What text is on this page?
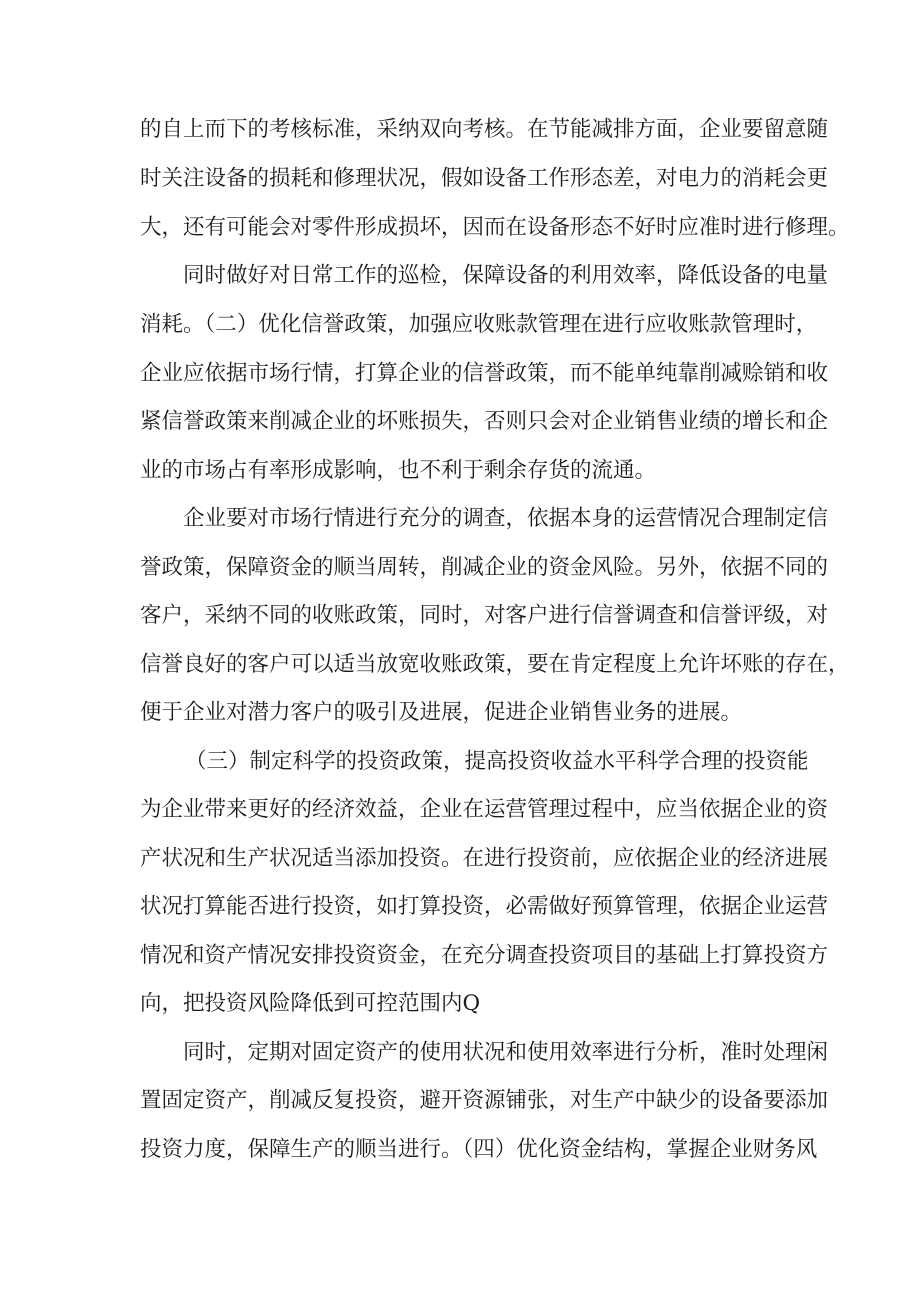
的自上而下的考核标准，采纳双向考核。在节能减排方面，企业要留意随
时关注设备的损耗和修理状况，假如设备工作形态差，对电力的消耗会更
大，还有可能会对零件形成损坏，因而在设备形态不好时应准时进行修理。
同时做好对日常工作的巡检，保障设备的利用效率，降低设备的电量
消耗。（二）优化信誉政策，加强应收账款管理在进行应收账款管理时，
企业应依据市场行情，打算企业的信誉政策，而不能单纯靠削减赊销和收
紧信誉政策来削减企业的坏账损失，否则只会对企业销售业绩的增长和企
业的市场占有率形成影响，也不利于剩余存货的流通。
企业要对市场行情进行充分的调查，依据本身的运营情况合理制定信
誉政策，保障资金的顺当周转，削减企业的资金风险。另外，依据不同的
客户，采纳不同的收账政策，同时，对客户进行信誉调查和信誉评级，对
信誉良好的客户可以适当放宽收账政策，要在肯定程度上允许坏账的存在，
便于企业对潜力客户的吸引及进展，促进企业销售业务的进展。
（三）制定科学的投资政策，提高投资收益水平科学合理的投资能
为企业带来更好的经济效益，企业在运营管理过程中，应当依据企业的资
产状况和生产状况适当添加投资。在进行投资前，应依据企业的经济进展
状况打算能否进行投资，如打算投资，必需做好预算管理，依据企业运营
情况和资产情况安排投资资金，在充分调查投资项目的基础上打算投资方
向，把投资风险降低到可控范围内Q
同时，定期对固定资产的使用状况和使用效率进行分析，准时处理闲
置固定资产，削减反复投资，避开资源铺张，对生产中缺少的设备要添加
投资力度，保障生产的顺当进行。（四）优化资金结构，掌握企业财务风
